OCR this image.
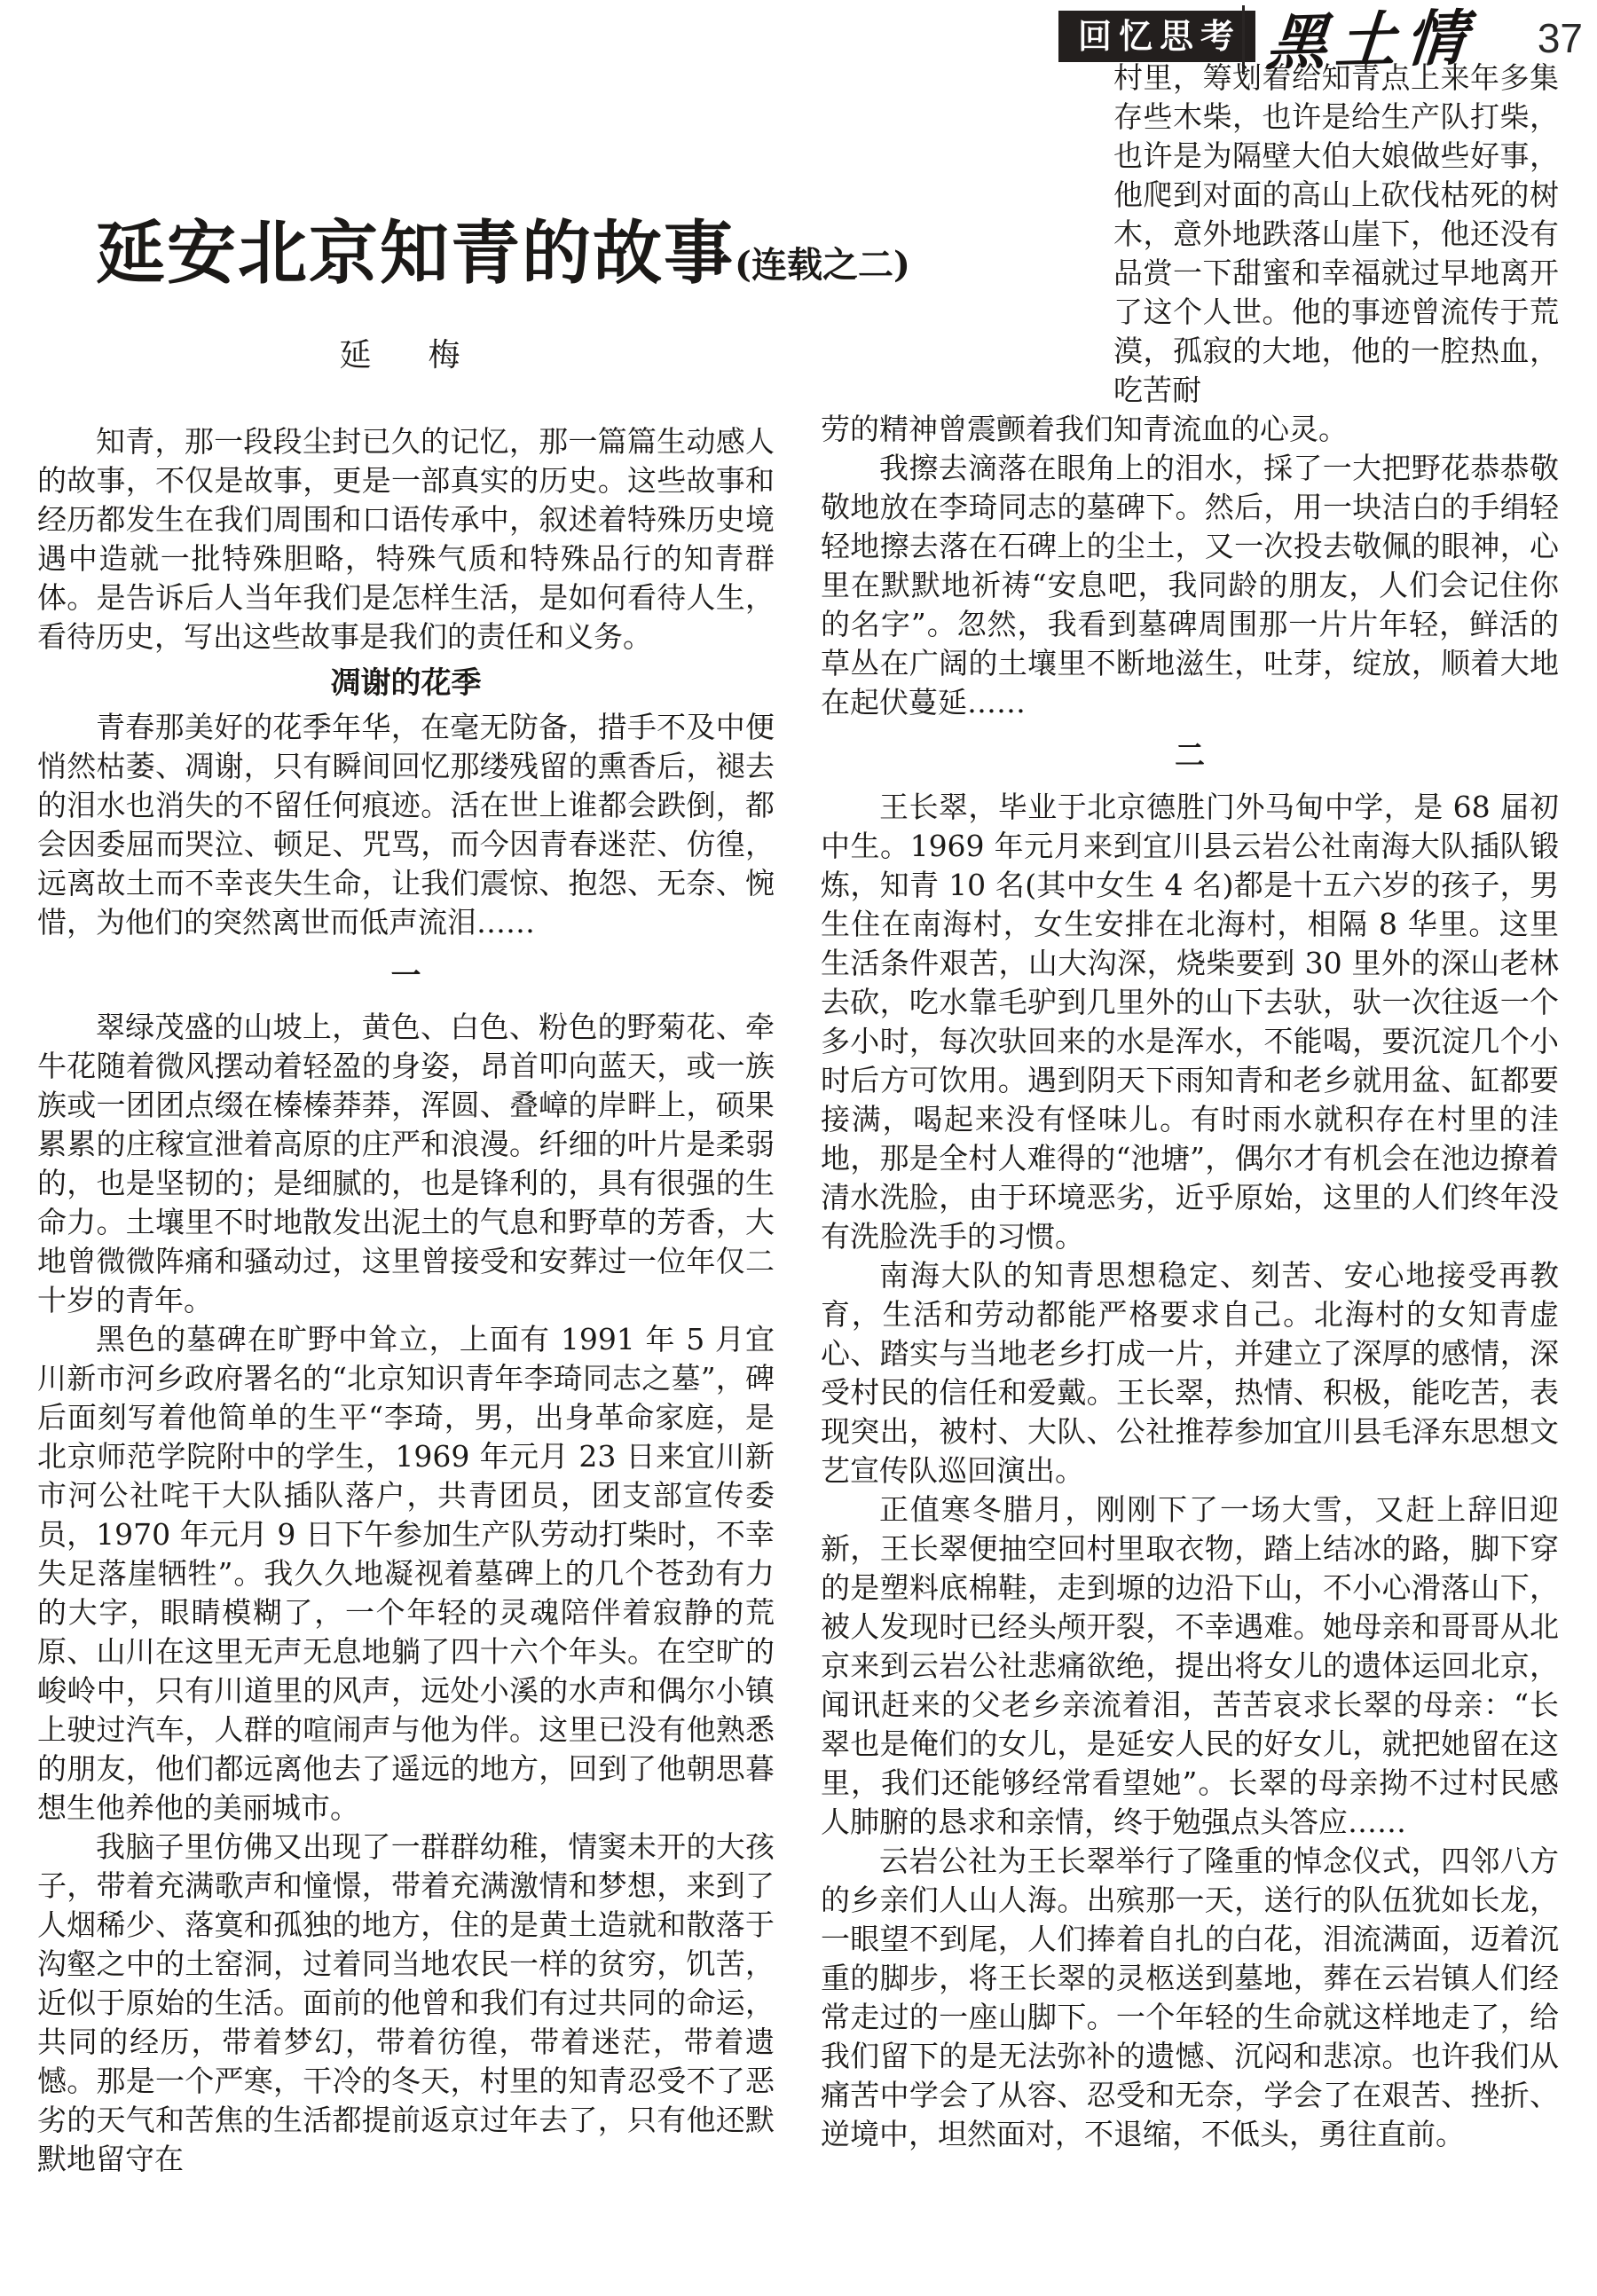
回忆思考 黑土情 37
延安北京知青的故事(连载之二)
延　梅

知青，那一段段尘封已久的记忆，那一篇篇生动感人的故事，不仅是故事，更是一部真实的历史。这些故事和经历都发生在我们周围和口语传承中，叙述着特殊历史境遇中造就一批特殊胆略，特殊气质和特殊品行的知青群体。是告诉后人当年我们是怎样生活，是如何看待人生，看待历史，写出这些故事是我们的责任和义务。

凋谢的花季

青春那美好的花季年华，在毫无防备，措手不及中便悄然枯萎、凋谢，只有瞬间回忆那缕残留的熏香后，褪去的泪水也消失的不留任何痕迹。活在世上谁都会跌倒，都会因委屈而哭泣、顿足、咒骂，而今因青春迷茫、仿徨，远离故土而不幸丧失生命，让我们震惊、抱怨、无奈、惋惜，为他们的突然离世而低声流泪……

一

翠绿茂盛的山坡上，黄色、白色、粉色的野菊花、牵牛花随着微风摆动着轻盈的身姿，昂首叩向蓝天，或一族族或一团团点缀在榛榛莽莽，浑圆、叠嶂的岸畔上，硕果累累的庄稼宣泄着高原的庄严和浪漫。纤细的叶片是柔弱的，也是坚韧的；是细腻的，也是锋利的，具有很强的生命力。土壤里不时地散发出泥土的气息和野草的芳香，大地曾微微阵痛和骚动过，这里曾接受和安葬过一位年仅二十岁的青年。

黑色的墓碑在旷野中耸立，上面有 1991 年 5 月宜川新市河乡政府署名的“北京知识青年李琦同志之墓”，碑后面刻写着他简单的生平“李琦，男，出身革命家庭，是北京师范学院附中的学生，1969 年元月 23 日来宜川新市河公社咤干大队插队落户，共青团员，团支部宣传委员，1970 年元月 9 日下午参加生产队劳动打柴时，不幸失足落崖牺牲”。我久久地凝视着墓碑上的几个苍劲有力的大字，眼睛模糊了，一个年轻的灵魂陪伴着寂静的荒原、山川在这里无声无息地躺了四十六个年头。在空旷的峻岭中，只有川道里的风声，远处小溪的水声和偶尔小镇上驶过汽车，人群的喧闹声与他为伴。这里已没有他熟悉的朋友，他们都远离他去了遥远的地方，回到了他朝思暮想生他养他的美丽城市。

我脑子里仿佛又出现了一群群幼稚，情窦未开的大孩子，带着充满歌声和憧憬，带着充满激情和梦想，来到了人烟稀少、落寞和孤独的地方，住的是黄土造就和散落于沟壑之中的土窑洞，过着同当地农民一样的贫穷，饥苦，近似于原始的生活。面前的他曾和我们有过共同的命运，共同的经历，带着梦幻，带着彷徨，带着迷茫，带着遗憾。那是一个严寒，干冷的冬天，村里的知青忍受不了恶劣的天气和苦焦的生活都提前返京过年去了，只有他还默默地留守在

村里，筹划着给知青点上来年多集存些木柴，也许是给生产队打柴，也许是为隔壁大伯大娘做些好事，他爬到对面的高山上砍伐枯死的树木，意外地跌落山崖下，他还没有品赏一下甜蜜和幸福就过早地离开了这个人世。他的事迹曾流传于荒漠，孤寂的大地，他的一腔热血，吃苦耐

劳的精神曾震颤着我们知青流血的心灵。

我擦去滴落在眼角上的泪水，採了一大把野花恭恭敬敬地放在李琦同志的墓碑下。然后，用一块洁白的手绢轻轻地擦去落在石碑上的尘土，又一次投去敬佩的眼神，心里在默默地祈祷“安息吧，我同龄的朋友，人们会记住你的名字”。忽然，我看到墓碑周围那一片片年轻，鲜活的草丛在广阔的土壤里不断地滋生，吐芽，绽放，顺着大地在起伏蔓延……

二

王长翠，毕业于北京德胜门外马甸中学，是 68 届初中生。1969 年元月来到宜川县云岩公社南海大队插队锻炼，知青 10 名(其中女生 4 名)都是十五六岁的孩子，男生住在南海村，女生安排在北海村，相隔 8 华里。这里生活条件艰苦，山大沟深，烧柴要到 30 里外的深山老林去砍，吃水靠毛驴到几里外的山下去驮，驮一次往返一个多小时，每次驮回来的水是浑水，不能喝，要沉淀几个小时后方可饮用。遇到阴天下雨知青和老乡就用盆、缸都要接满，喝起来没有怪味儿。有时雨水就积存在村里的洼地，那是全村人难得的“池塘”，偶尔才有机会在池边撩着清水洗脸，由于环境恶劣，近乎原始，这里的人们终年没有洗脸洗手的习惯。

南海大队的知青思想稳定、刻苦、安心地接受再教育，生活和劳动都能严格要求自己。北海村的女知青虚心、踏实与当地老乡打成一片，并建立了深厚的感情，深受村民的信任和爱戴。王长翠，热情、积极，能吃苦，表现突出，被村、大队、公社推荐参加宜川县毛泽东思想文艺宣传队巡回演出。

正值寒冬腊月，刚刚下了一场大雪，又赶上辞旧迎新，王长翠便抽空回村里取衣物，踏上结冰的路，脚下穿的是塑料底棉鞋，走到塬的边沿下山，不小心滑落山下，被人发现时已经头颅开裂，不幸遇难。她母亲和哥哥从北京来到云岩公社悲痛欲绝，提出将女儿的遗体运回北京，闻讯赶来的父老乡亲流着泪，苦苦哀求长翠的母亲：“长翠也是俺们的女儿，是延安人民的好女儿，就把她留在这里，我们还能够经常看望她”。长翠的母亲拗不过村民感人肺腑的恳求和亲情，终于勉强点头答应……

云岩公社为王长翠举行了隆重的悼念仪式，四邻八方的乡亲们人山人海。出殡那一天，送行的队伍犹如长龙，一眼望不到尾，人们捧着自扎的白花，泪流满面，迈着沉重的脚步，将王长翠的灵柩送到墓地，葬在云岩镇人们经常走过的一座山脚下。一个年轻的生命就这样地走了，给我们留下的是无法弥补的遗憾、沉闷和悲凉。也许我们从痛苦中学会了从容、忍受和无奈，学会了在艰苦、挫折、逆境中，坦然面对，不退缩，不低头，勇往直前。
